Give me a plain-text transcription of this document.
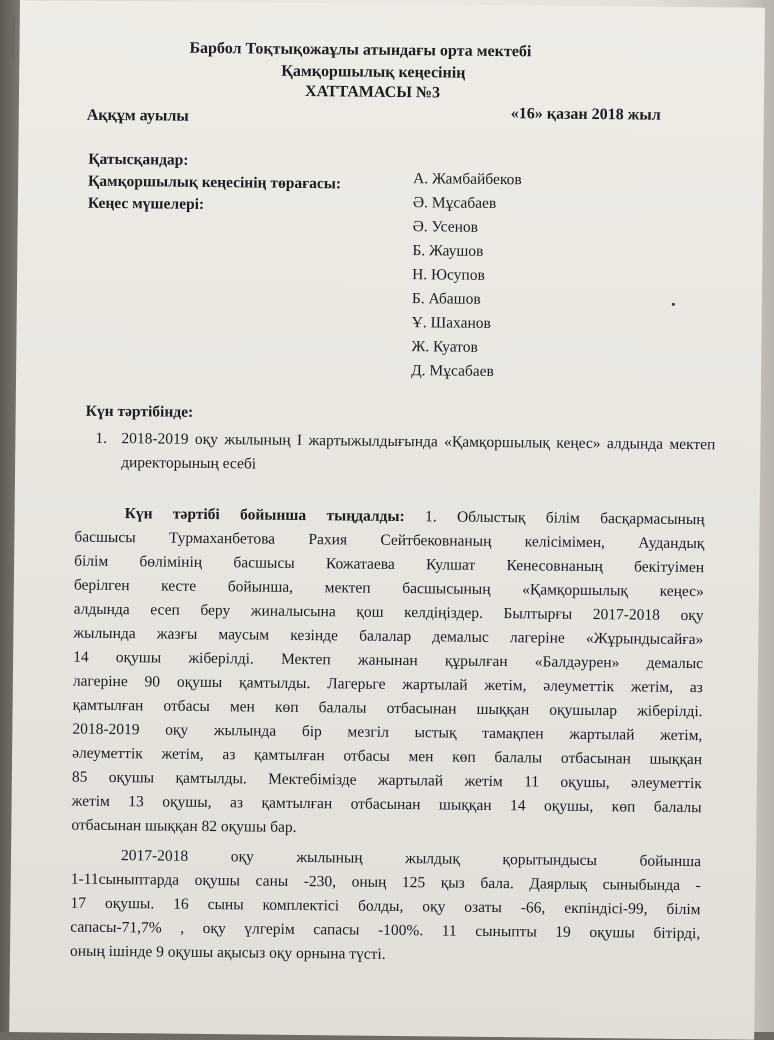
Барбол Тоқтықожаұлы атындағы орта мектебі
Қамқоршылық кеңесінің
ХАТТАМАСЫ №3
Аққұм ауылы	«16» қазан 2018 жыл
Қатысқандар:
Қамқоршылық кеңесінің төрағасы:
Кеңес мүшелері:
А. Жамбайбеков
Ә. Мұсабаев
Ә. Усенов
Б. Жаушов
Н. Юсупов
Б. Абашов
Ұ. Шаханов
Ж. Куатов
Д. Мұсабаев
Күн тәртібінде:
1. 2018-2019 оқу жылының І жартыжылдығында «Қамқоршылық кеңес» алдында мектеп директорының есебі
Күн тәртібі бойынша тыңдалды: 1. Облыстық білім басқармасының
басшысы Турмаханбетова Рахия Сейтбековнаның келісімімен, Аудандық
білім бөлімінің басшысы Кожатаева Кулшат Кенесовнаның бекітуімен
берілген кесте бойынша, мектеп басшысының «Қамқоршылық кеңес»
алдында есеп беру жиналысына қош келдіңіздер. Былтырғы 2017-2018 оқу
жылында жазғы маусым кезінде балалар демалыс лагеріне «Жұрындысайға»
14 оқушы жіберілді. Мектеп жанынан құрылған «Балдәурен» демалыс
лагеріне 90 оқушы қамтылды. Лагерьге жартылай жетім, әлеуметтік жетім, аз
қамтылған отбасы мен көп балалы отбасынан шыққан оқушылар жіберілді.
2018-2019 оқу жылында бір мезгіл ыстық тамақпен жартылай жетім,
әлеуметтік жетім, аз қамтылған отбасы мен көп балалы отбасынан шыққан
85 оқушы қамтылды. Мектебімізде жартылай жетім 11 оқушы, әлеуметтік
жетім 13 оқушы, аз қамтылған отбасынан шыққан 14 оқушы, көп балалы
отбасынан шыққан 82 оқушы бар.
2017-2018 оқу жылының жылдық қорытындысы бойынша
1-11сыныптарда оқушы саны -230, оның 125 қыз бала. Даярлық сыныбында -
17 оқушы. 16 сыны комплектісі болды, оқу озаты -66, екпіндісі-99, білім
сапасы-71,7% , оқу үлгерім сапасы -100%. 11 сыныпты 19 оқушы бітірді,
оның ішінде 9 оқушы ақысыз оқу орнына түсті.
